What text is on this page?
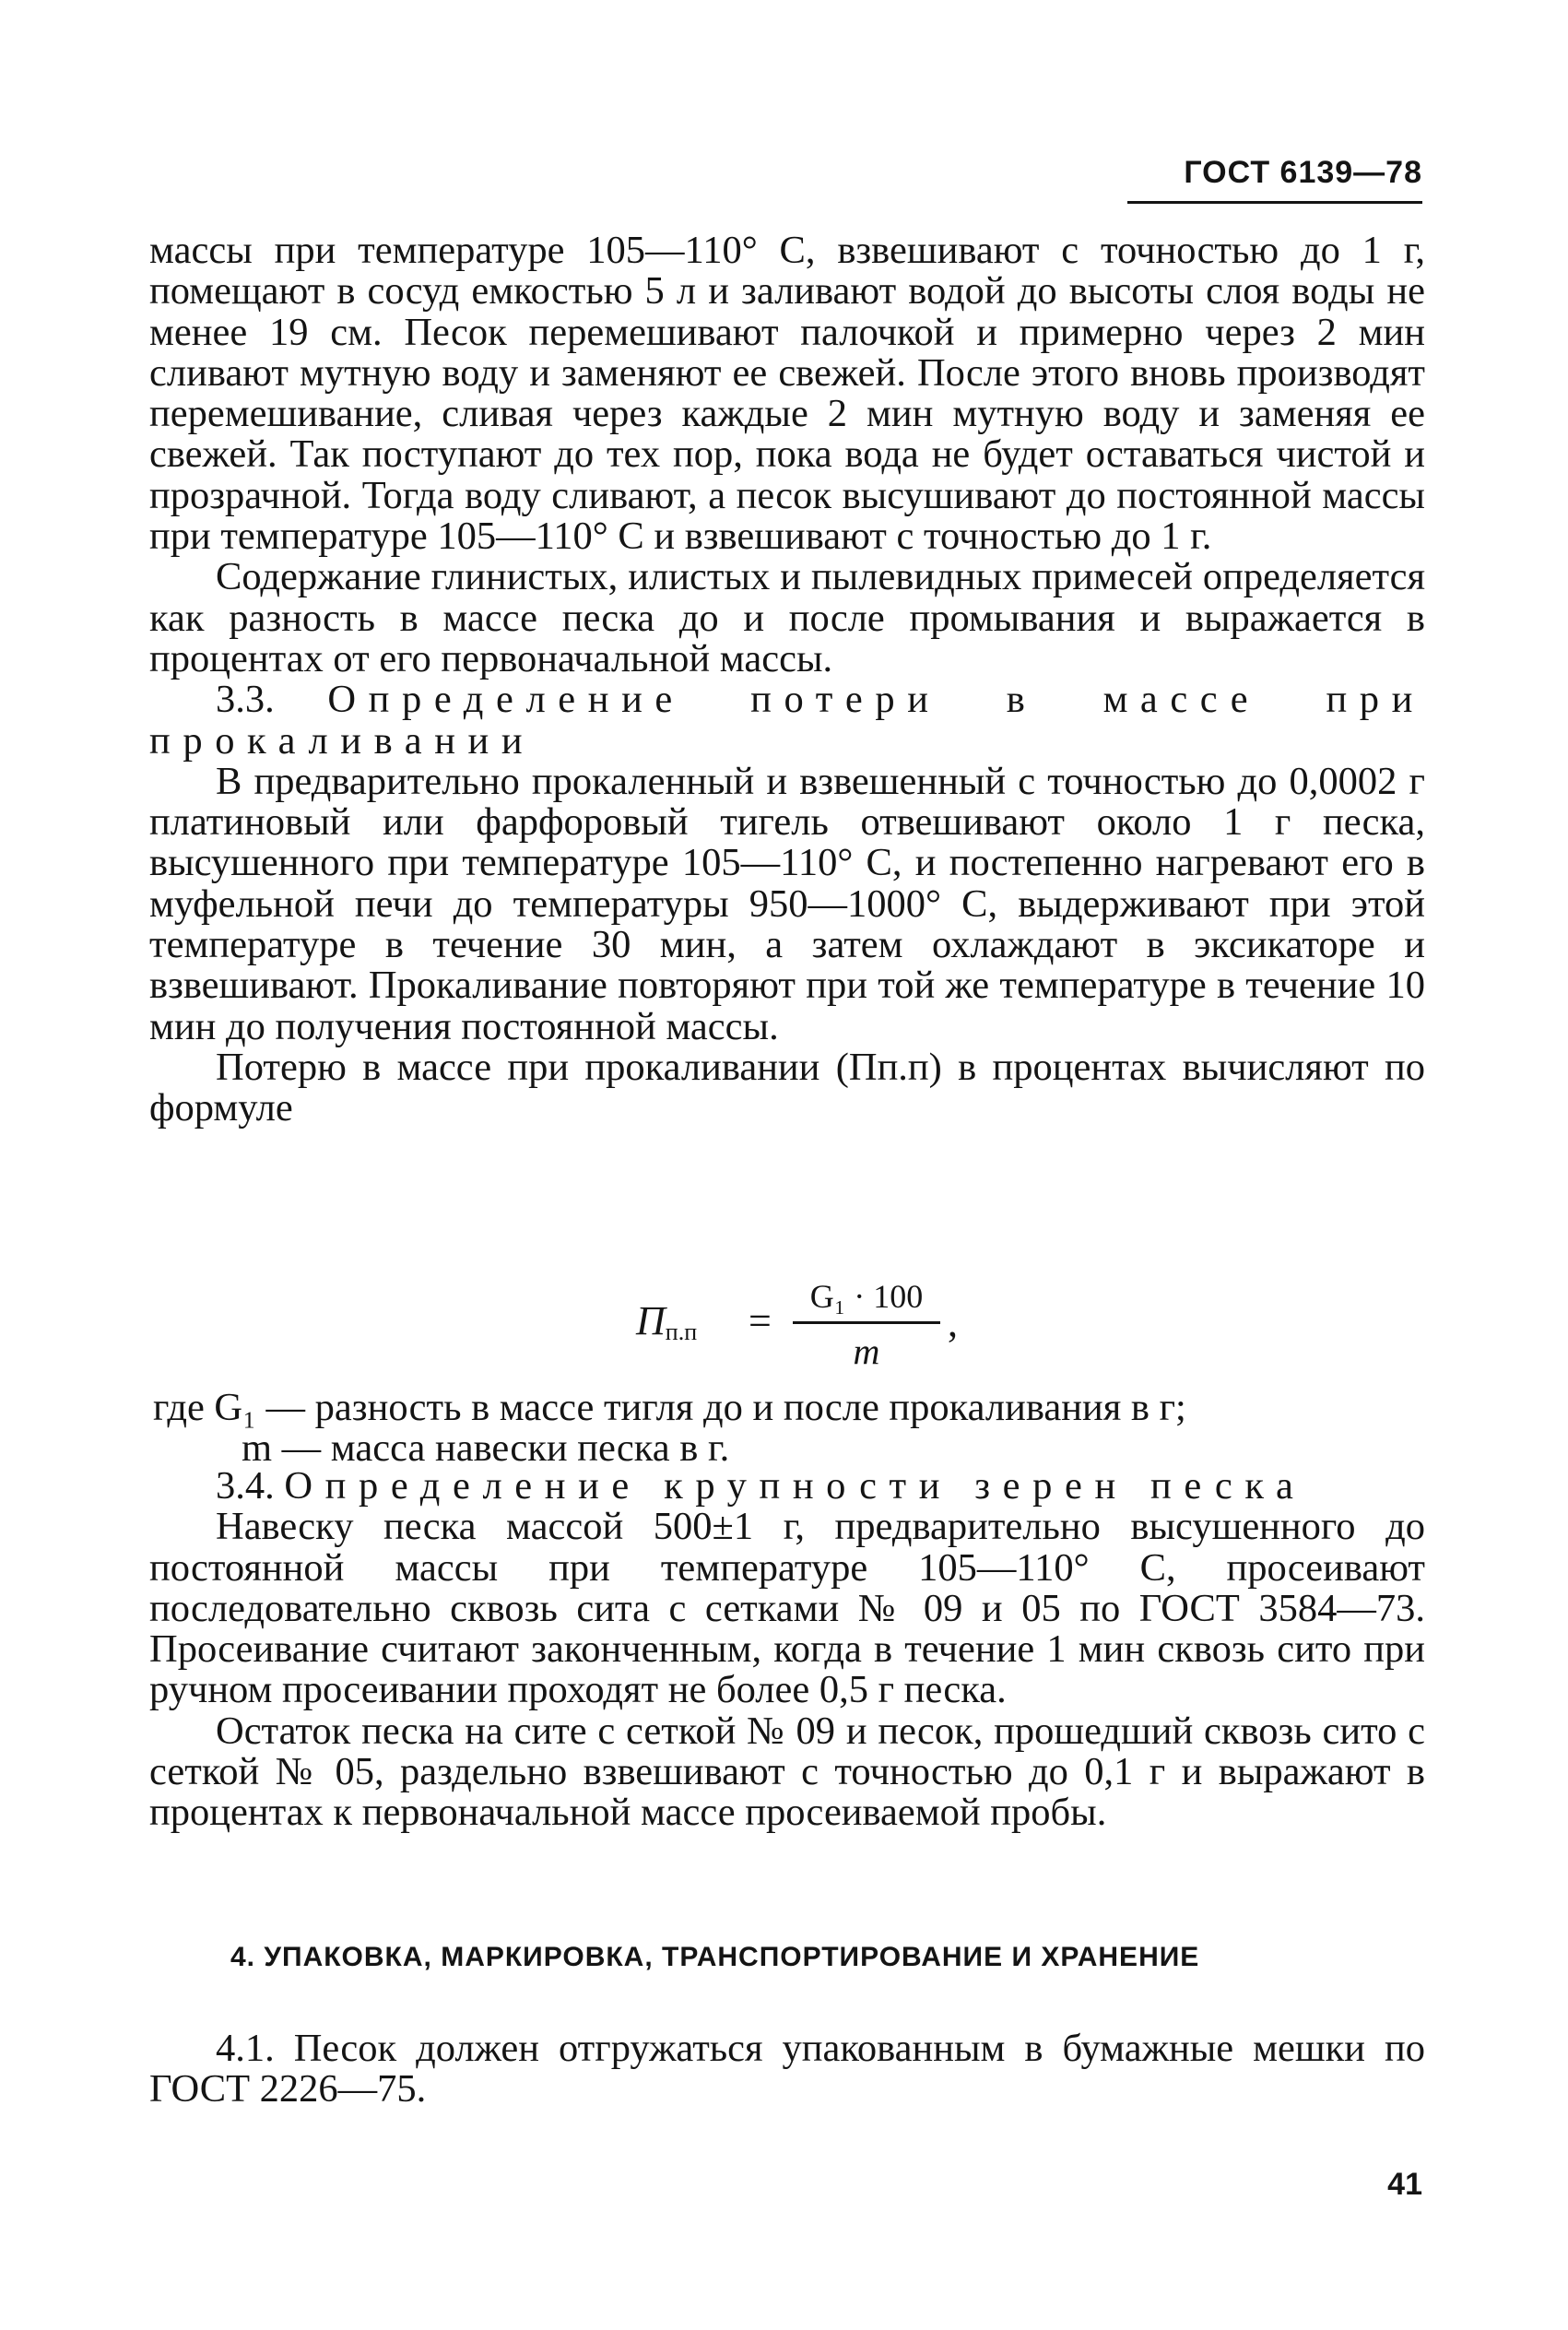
ГОСТ 6139—78

массы при температуре 105—110° С, взвешивают с точностью до 1 г, помещают в сосуд емкостью 5 л и заливают водой до высоты слоя воды не менее 19 см. Песок перемешивают палочкой и примерно через 2 мин сливают мутную воду и заменяют ее свежей. После этого вновь производят перемешивание, сливая через каждые 2 мин мутную воду и заменяя ее свежей. Так поступают до тех пор, пока вода не будет оставаться чистой и прозрачной. Тогда воду сливают, а песок высушивают до постоянной массы при температуре 105—110° С и взвешивают с точностью до 1 г.

Содержание глинистых, илистых и пылевидных примесей определяется как разность в массе песка до и после промывания и выражается в процентах от его первоначальной массы.

3.3. Определение потери в массе при прокаливании

В предварительно прокаленный и взвешенный с точностью до 0,0002 г платиновый или фарфоровый тигель отвешивают около 1 г песка, высушенного при температуре 105—110° С, и постепенно нагревают его в муфельной печи до температуры 950—1000° С, выдерживают при этой температуре в течение 30 мин, а затем охлаждают в эксикаторе и взвешивают. Прокаливание повторяют при той же температуре в течение 10 мин до получения постоянной массы.

Потерю в массе при прокаливании (Пп.п) в процентах вычисляют по формуле

Пп.п =
G₁ · 100
m
,
где G₁ — разность в массе тигля до и после прокаливания в г;
m — масса навески песка в г.

3.4. Определение крупности зерен песка

Навеску песка массой 500±1 г, предварительно высушенного до постоянной массы при температуре 105—110° С, просеивают последовательно сквозь сита с сетками № 09 и 05 по ГОСТ 3584—73. Просеивание считают законченным, когда в течение 1 мин сквозь сито при ручном просеивании проходят не более 0,5 г песка.

Остаток песка на сите с сеткой № 09 и песок, прошедший сквозь сито с сеткой № 05, раздельно взвешивают с точностью до 0,1 г и выражают в процентах к первоначальной массе просеиваемой пробы.

4. УПАКОВКА, МАРКИРОВКА, ТРАНСПОРТИРОВАНИЕ И ХРАНЕНИЕ

4.1. Песок должен отгружаться упакованным в бумажные мешки по ГОСТ 2226—75.

41
